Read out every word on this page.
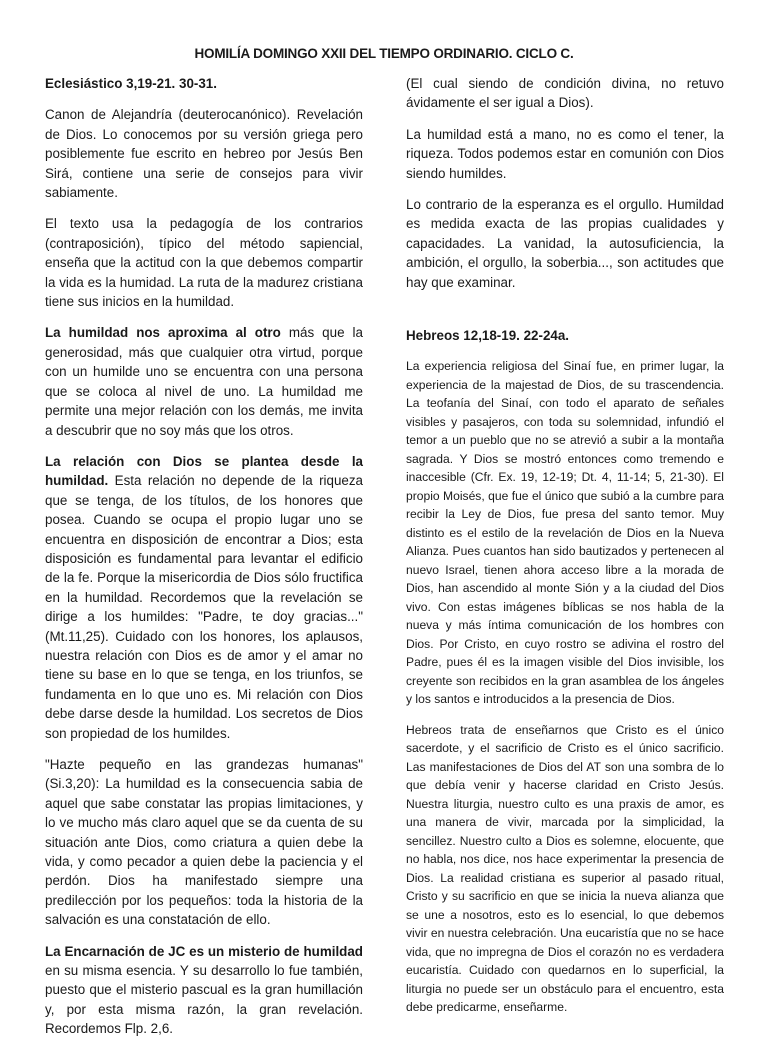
HOMILÍA DOMINGO XXII DEL TIEMPO ORDINARIO. CICLO C.
Eclesiástico 3,19-21. 30-31.

Canon de Alejandría (deuterocanónico). Revelación de Dios. Lo conocemos por su versión griega pero posiblemente fue escrito en hebreo por Jesús Ben Sirá, contiene una serie de consejos para vivir sabiamente.

El texto usa la pedagogía de los contrarios (contraposición), típico del método sapiencial, enseña que la actitud con la que debemos compartir la vida es la humidad. La ruta de la madurez cristiana tiene sus inicios en la humildad.

La humildad nos aproxima al otro más que la generosidad, más que cualquier otra virtud, porque con un humilde uno se encuentra con una persona que se coloca al nivel de uno. La humildad me permite una mejor relación con los demás, me invita a descubrir que no soy más que los otros.

La relación con Dios se plantea desde la humildad. Esta relación no depende de la riqueza que se tenga, de los títulos, de los honores que posea. Cuando se ocupa el propio lugar uno se encuentra en disposición de encontrar a Dios; esta disposición es fundamental para levantar el edificio de la fe. Porque la misericordia de Dios sólo fructifica en la humildad. Recordemos que la revelación se dirige a los humildes: "Padre, te doy gracias..." (Mt.11,25). Cuidado con los honores, los aplausos, nuestra relación con Dios es de amor y el amar no tiene su base en lo que se tenga, en los triunfos, se fundamenta en lo que uno es. Mi relación con Dios debe darse desde la humildad. Los secretos de Dios son propiedad de los humildes.

"Hazte pequeño en las grandezas humanas"(Si.3,20): La humildad es la consecuencia sabia de aquel que sabe constatar las propias limitaciones, y lo ve mucho más claro aquel que se da cuenta de su situación ante Dios, como criatura a quien debe la vida, y como pecador a quien debe la paciencia y el perdón. Dios ha manifestado siempre una predilección por los pequeños: toda la historia de la salvación es una constatación de ello.

La Encarnación de JC es un misterio de humildad en su misma esencia. Y su desarrollo lo fue también, puesto que el misterio pascual es la gran humillación y, por esta misma razón, la gran revelación. Recordemos Flp. 2,6.

(El cual siendo de condición divina, no retuvo ávidamente el ser igual a Dios).

La humildad está a mano, no es como el tener, la riqueza. Todos podemos estar en comunión con Dios siendo humildes.

Lo contrario de la esperanza es el orgullo. Humildad es medida exacta de las propias cualidades y capacidades. La vanidad, la autosuficiencia, la ambición, el orgullo, la soberbia..., son actitudes que hay que examinar.

Hebreos 12,18-19. 22-24a.

La experiencia religiosa del Sinaí fue, en primer lugar, la experiencia de la majestad de Dios, de su trascendencia. La teofanía del Sinaí, con todo el aparato de señales visibles y pasajeros, con toda su solemnidad, infundió el temor a un pueblo que no se atrevió a subir a la montaña sagrada. Y Dios se mostró entonces como tremendo e inaccesible (Cfr. Ex. 19, 12-19; Dt. 4, 11-14; 5, 21-30). El propio Moisés, que fue el único que subió a la cumbre para recibir la Ley de Dios, fue presa del santo temor. Muy distinto es el estilo de la revelación de Dios en la Nueva Alianza. Pues cuantos han sido bautizados y pertenecen al nuevo Israel, tienen ahora acceso libre a la morada de Dios, han ascendido al monte Sión y a la ciudad del Dios vivo. Con estas imágenes bíblicas se nos habla de la nueva y más íntima comunicación de los hombres con Dios. Por Cristo, en cuyo rostro se adivina el rostro del Padre, pues él es la imagen visible del Dios invisible, los creyente son recibidos en la gran asamblea de los ángeles y los santos e introducidos a la presencia de Dios.

Hebreos trata de enseñarnos que Cristo es el único sacerdote, y el sacrificio de Cristo es el único sacrificio. Las manifestaciones de Dios del AT son una sombra de lo que debía venir y hacerse claridad en Cristo Jesús. Nuestra liturgia, nuestro culto es una praxis de amor, es una manera de vivir, marcada por la simplicidad, la sencillez. Nuestro culto a Dios es solemne, elocuente, que no habla, nos dice, nos hace experimentar la presencia de Dios. La realidad cristiana es superior al pasado ritual, Cristo y su sacrificio en que se inicia la nueva alianza que se une a nosotros, esto es lo esencial, lo que debemos vivir en nuestra celebración. Una eucaristía que no se hace vida, que no impregna de Dios el corazón no es verdadera eucaristía. Cuidado con quedarnos en lo superficial, la liturgia no puede ser un obstáculo para el encuentro, esta debe predicarme, enseñarme.
